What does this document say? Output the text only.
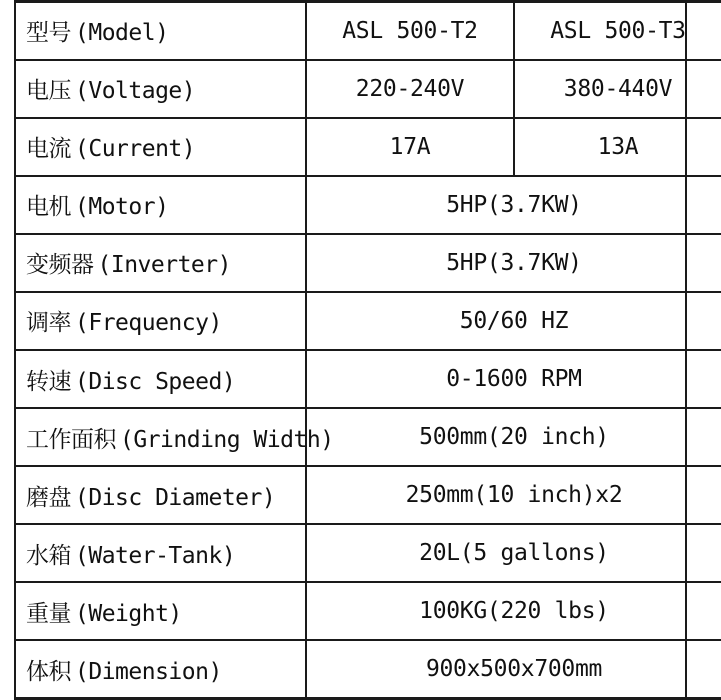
型号 (Model)	ASL 500-T2	ASL 500-T3
电压 (Voltage)	220-240V	380-440V
电流 (Current)	17A	13A
电机 (Motor)	5HP(3.7KW)	
变频器 (Inverter)	5HP(3.7KW)	
调率 (Frequency)	50/60 HZ	
转速 (Disc Speed)	0-1600 RPM	
工作面积 (Grinding Width)	500mm(20 inch)	
磨盘 (Disc Diameter)	250mm(10 inch)x2	
水箱 (Water-Tank)	20L(5 gallons)	
重量 (Weight)	100KG(220 lbs)	
体积 (Dimension)	900x500x700mm	
